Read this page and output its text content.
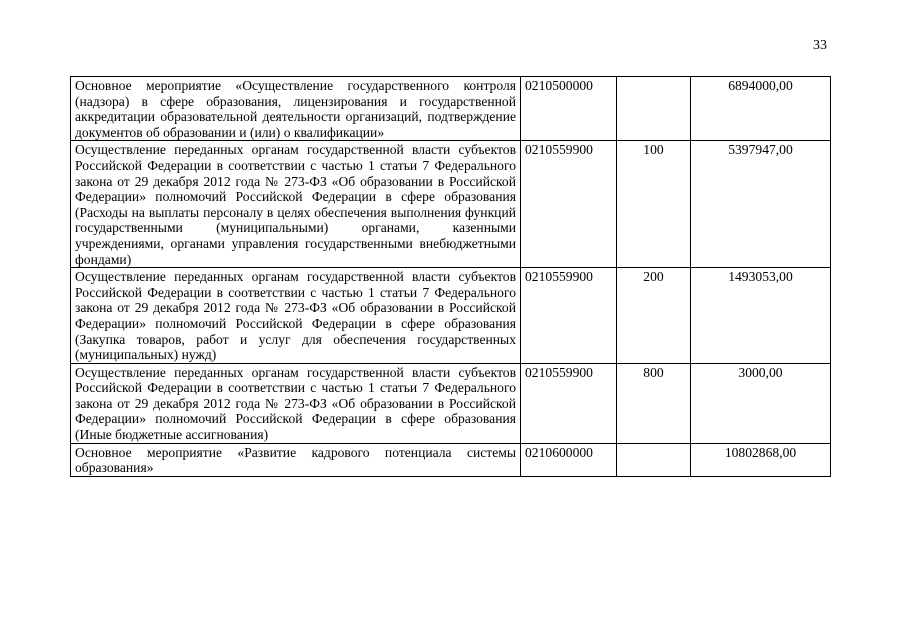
33
Основное мероприятие «Осуществление государственного контроля (надзора) в сфере образования, лицензирования и государственной аккредитации образовательной деятельности организаций, подтверждение документов об образовании и (или) о квалификации»	0210500000		6894000,00
Осуществление переданных органам государственной власти субъектов Российской Федерации в соответствии с частью 1 статьи 7 Федерального закона от 29 декабря 2012 года № 273-ФЗ «Об образовании в Российской Федерации» полномочий Российской Федерации в сфере образования (Расходы на выплаты персоналу в целях обеспечения выполнения функций государственными (муниципальными) органами, казенными учреждениями, органами управления государственными внебюджетными фондами)	0210559900	100	5397947,00
Осуществление переданных органам государственной власти субъектов Российской Федерации в соответствии с частью 1 статьи 7 Федерального закона от 29 декабря 2012 года № 273-ФЗ «Об образовании в Российской Федерации» полномочий Российской Федерации в сфере образования (Закупка товаров, работ и услуг для обеспечения государственных (муниципальных) нужд)	0210559900	200	1493053,00
Осуществление переданных органам государственной власти субъектов Российской Федерации в соответствии с частью 1 статьи 7 Федерального закона от 29 декабря 2012 года № 273-ФЗ «Об образовании в Российской Федерации» полномочий Российской Федерации в сфере образования (Иные бюджетные ассигнования)	0210559900	800	3000,00
Основное мероприятие «Развитие кадрового потенциала системы образования»	0210600000		10802868,00
